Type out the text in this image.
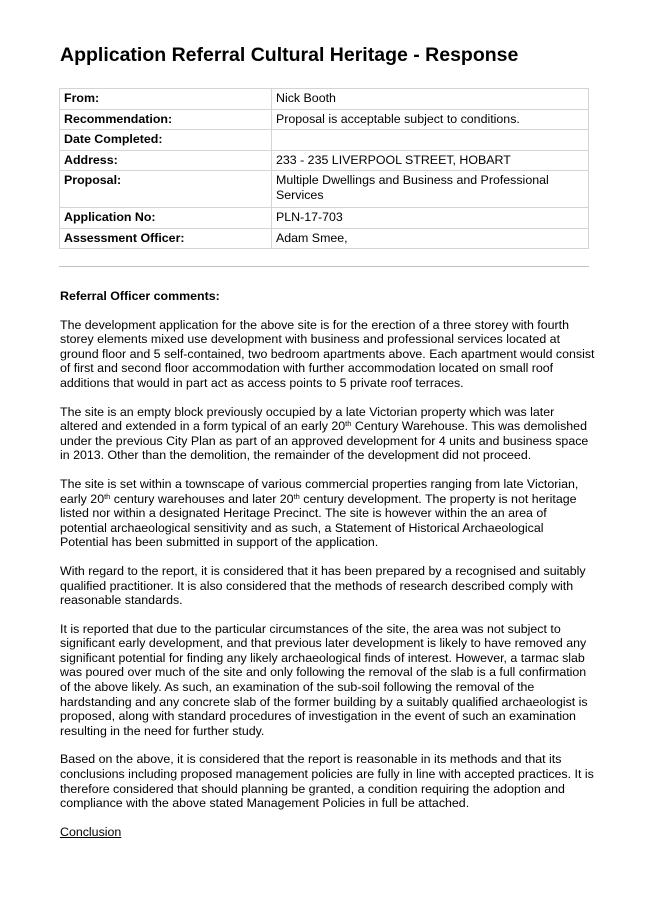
Application Referral Cultural Heritage - Response
From:	Nick Booth
Recommendation:	Proposal is acceptable subject to conditions.
Date Completed:	
Address:	233 - 235 LIVERPOOL STREET, HOBART
Proposal:	Multiple Dwellings and Business and Professional Services
Application No:	PLN-17-703
Assessment Officer:	Adam Smee,

Referral Officer comments:

The development application for the above site is for the erection of a three storey with fourth storey elements mixed use development with business and professional services located at ground floor and 5 self-contained, two bedroom apartments above. Each apartment would consist of first and second floor accommodation with further accommodation located on small roof additions that would in part act as access points to 5 private roof terraces.

The site is an empty block previously occupied by a late Victorian property which was later altered and extended in a form typical of an early 20th Century Warehouse. This was demolished under the previous City Plan as part of an approved development for 4 units and business space in 2013. Other than the demolition, the remainder of the development did not proceed.

The site is set within a townscape of various commercial properties ranging from late Victorian, early 20th century warehouses and later 20th century development. The property is not heritage listed nor within a designated Heritage Precinct. The site is however within the an area of potential archaeological sensitivity and as such, a Statement of Historical Archaeological Potential has been submitted in support of the application.

With regard to the report, it is considered that it has been prepared by a recognised and suitably qualified practitioner. It is also considered that the methods of research described comply with reasonable standards.

It is reported that due to the particular circumstances of the site, the area was not subject to significant early development, and that previous later development is likely to have removed any significant potential for finding any likely archaeological finds of interest. However, a tarmac slab was poured over much of the site and only following the removal of the slab is a full confirmation of the above likely. As such, an examination of the sub-soil following the removal of the hardstanding and any concrete slab of the former building by a suitably qualified archaeologist is proposed, along with standard procedures of investigation in the event of such an examination resulting in the need for further study.

Based on the above, it is considered that the report is reasonable in its methods and that its conclusions including proposed management policies are fully in line with accepted practices. It is therefore considered that should planning be granted, a condition requiring the adoption and compliance with the above stated Management Policies in full be attached.

Conclusion
